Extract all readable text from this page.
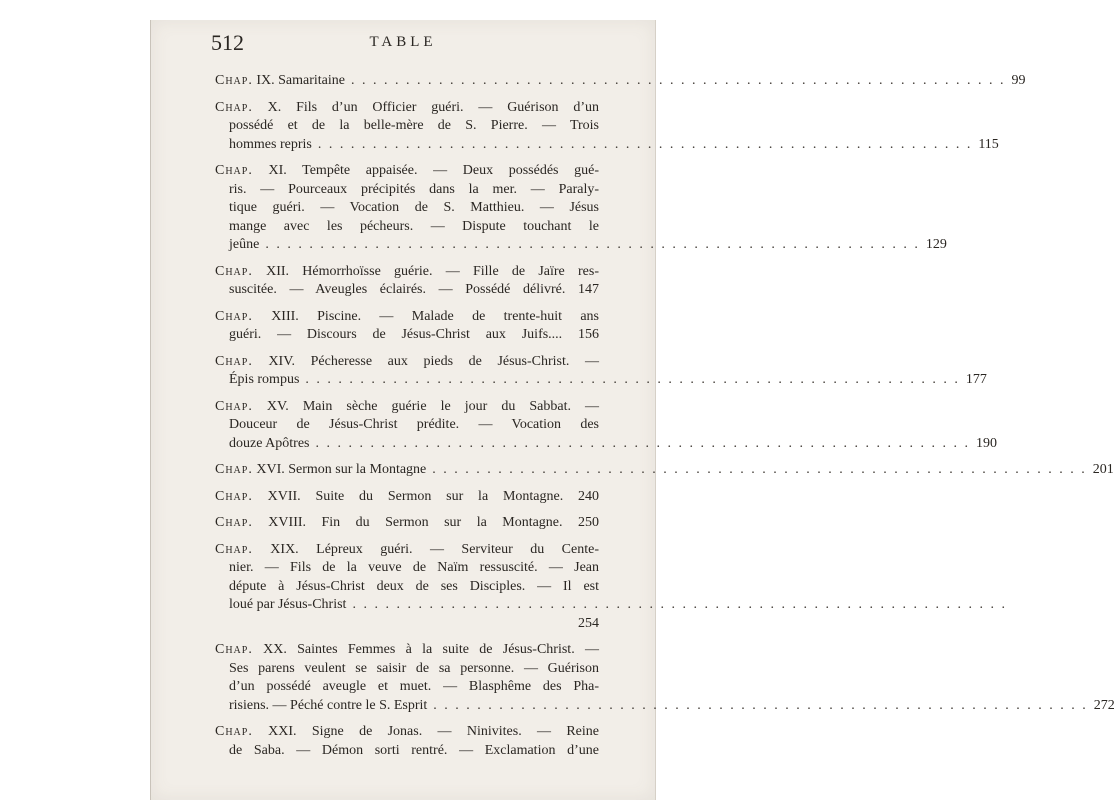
512	TABLE
Chap. IX. Samaritaine . . . . . . . . . . . . . . . . . . . . . . . . . . . . . . . . . . . . . . . . . . . . . . . . . . . . . . . . . . . . 99
Chap. X. Fils d’un Officier guéri. — Guérison d’un
possédé et de la belle-mère de S. Pierre. — Trois
hommes repris . . . . . . . . . . . . . . . . . . . . . . . . . . . . . . . . . . . . . . . . . . . . . . . . . . . . . . . . . . . . 115
Chap. XI. Tempête appaisée. — Deux possédés gué-
ris. — Pourceaux précipités dans la mer. — Paraly-
tique guéri. — Vocation de S. Matthieu. — Jésus
mange avec les pécheurs. — Dispute touchant le
jeûne . . . . . . . . . . . . . . . . . . . . . . . . . . . . . . . . . . . . . . . . . . . . . . . . . . . . . . . . . . . . 129
Chap. XII. Hémorrhoïsse guérie. — Fille de Jaïre res-
suscitée. — Aveugles éclairés. — Possédé délivré. 147
Chap. XIII. Piscine. — Malade de trente-huit ans
guéri. — Discours de Jésus-Christ aux Juifs.... 156
Chap. XIV. Pécheresse aux pieds de Jésus-Christ. —
Épis rompus . . . . . . . . . . . . . . . . . . . . . . . . . . . . . . . . . . . . . . . . . . . . . . . . . . . . . . . . . . . . 177
Chap. XV. Main sèche guérie le jour du Sabbat. —
Douceur de Jésus-Christ prédite. — Vocation des
douze Apôtres . . . . . . . . . . . . . . . . . . . . . . . . . . . . . . . . . . . . . . . . . . . . . . . . . . . . . . . . . . . . 190
Chap. XVI. Sermon sur la Montagne . . . . . . . . . . . . . . . . . . . . . . . . . . . . . . . . . . . . . . . . . . . . . . . . . . . . . . . . . . . . 201
Chap. XVII. Suite du Sermon sur la Montagne. 240
Chap. XVIII. Fin du Sermon sur la Montagne. 250
Chap. XIX. Lépreux guéri. — Serviteur du Cente-
nier. — Fils de la veuve de Naïm ressuscité. — Jean
députe à Jésus-Christ deux de ses Disciples. — Il est
loué par Jésus-Christ . . . . . . . . . . . . . . . . . . . . . . . . . . . . . . . . . . . . . . . . . . . . . . . . . . . . . . . . . . . .
254
Chap. XX. Saintes Femmes à la suite de Jésus-Christ. —
Ses parens veulent se saisir de sa personne. — Guérison
d’un possédé aveugle et muet. — Blasphême des Pha-
risiens. — Péché contre le S. Esprit . . . . . . . . . . . . . . . . . . . . . . . . . . . . . . . . . . . . . . . . . . . . . . . . . . . . . . . . . . . . 272
Chap. XXI. Signe de Jonas. — Ninivites. — Reine
de Saba. — Démon sorti rentré. — Exclamation d’une
